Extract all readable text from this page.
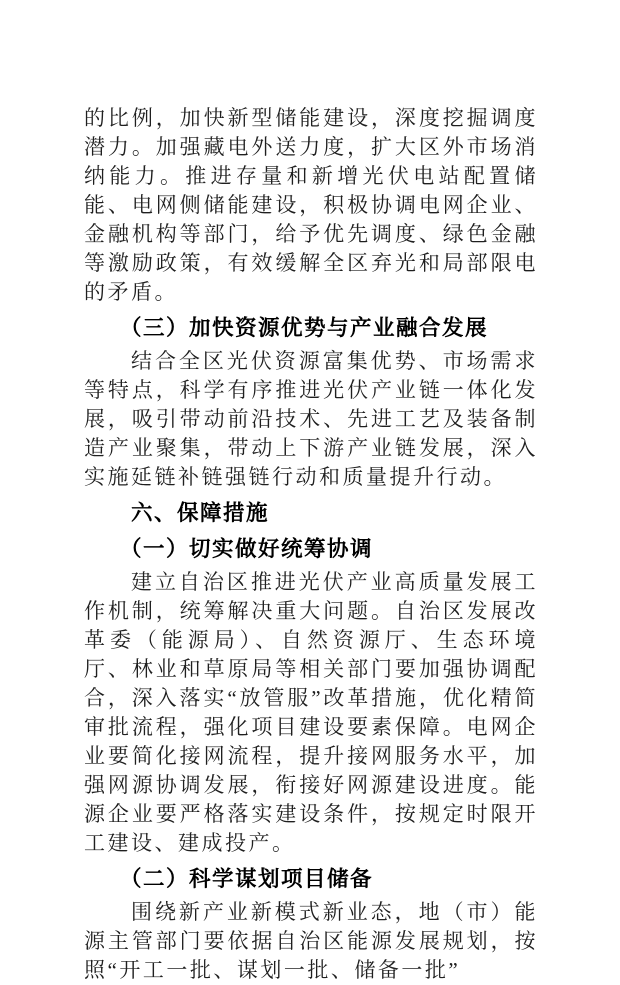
的比例，加快新型储能建设，深度挖掘调度潜力。加强藏电外送力度，扩大区外市场消纳能力。推进存量和新增光伏电站配置储能、电网侧储能建设，积极协调电网企业、金融机构等部门，给予优先调度、绿色金融等激励政策，有效缓解全区弃光和局部限电的矛盾。

（三）加快资源优势与产业融合发展

结合全区光伏资源富集优势、市场需求等特点，科学有序推进光伏产业链一体化发展，吸引带动前沿技术、先进工艺及装备制造产业聚集，带动上下游产业链发展，深入实施延链补链强链行动和质量提升行动。

六、保障措施

（一）切实做好统筹协调

建立自治区推进光伏产业高质量发展工作机制，统筹解决重大问题。自治区发展改革委（能源局）、自然资源厅、生态环境厅、林业和草原局等相关部门要加强协调配合，深入落实“放管服”改革措施，优化精简审批流程，强化项目建设要素保障。电网企业要简化接网流程，提升接网服务水平，加强网源协调发展，衔接好网源建设进度。能源企业要严格落实建设条件，按规定时限开工建设、建成投产。

（二）科学谋划项目储备

围绕新产业新模式新业态，地（市）能源主管部门要依据自治区能源发展规划，按照“开工一批、谋划一批、储备一批”
